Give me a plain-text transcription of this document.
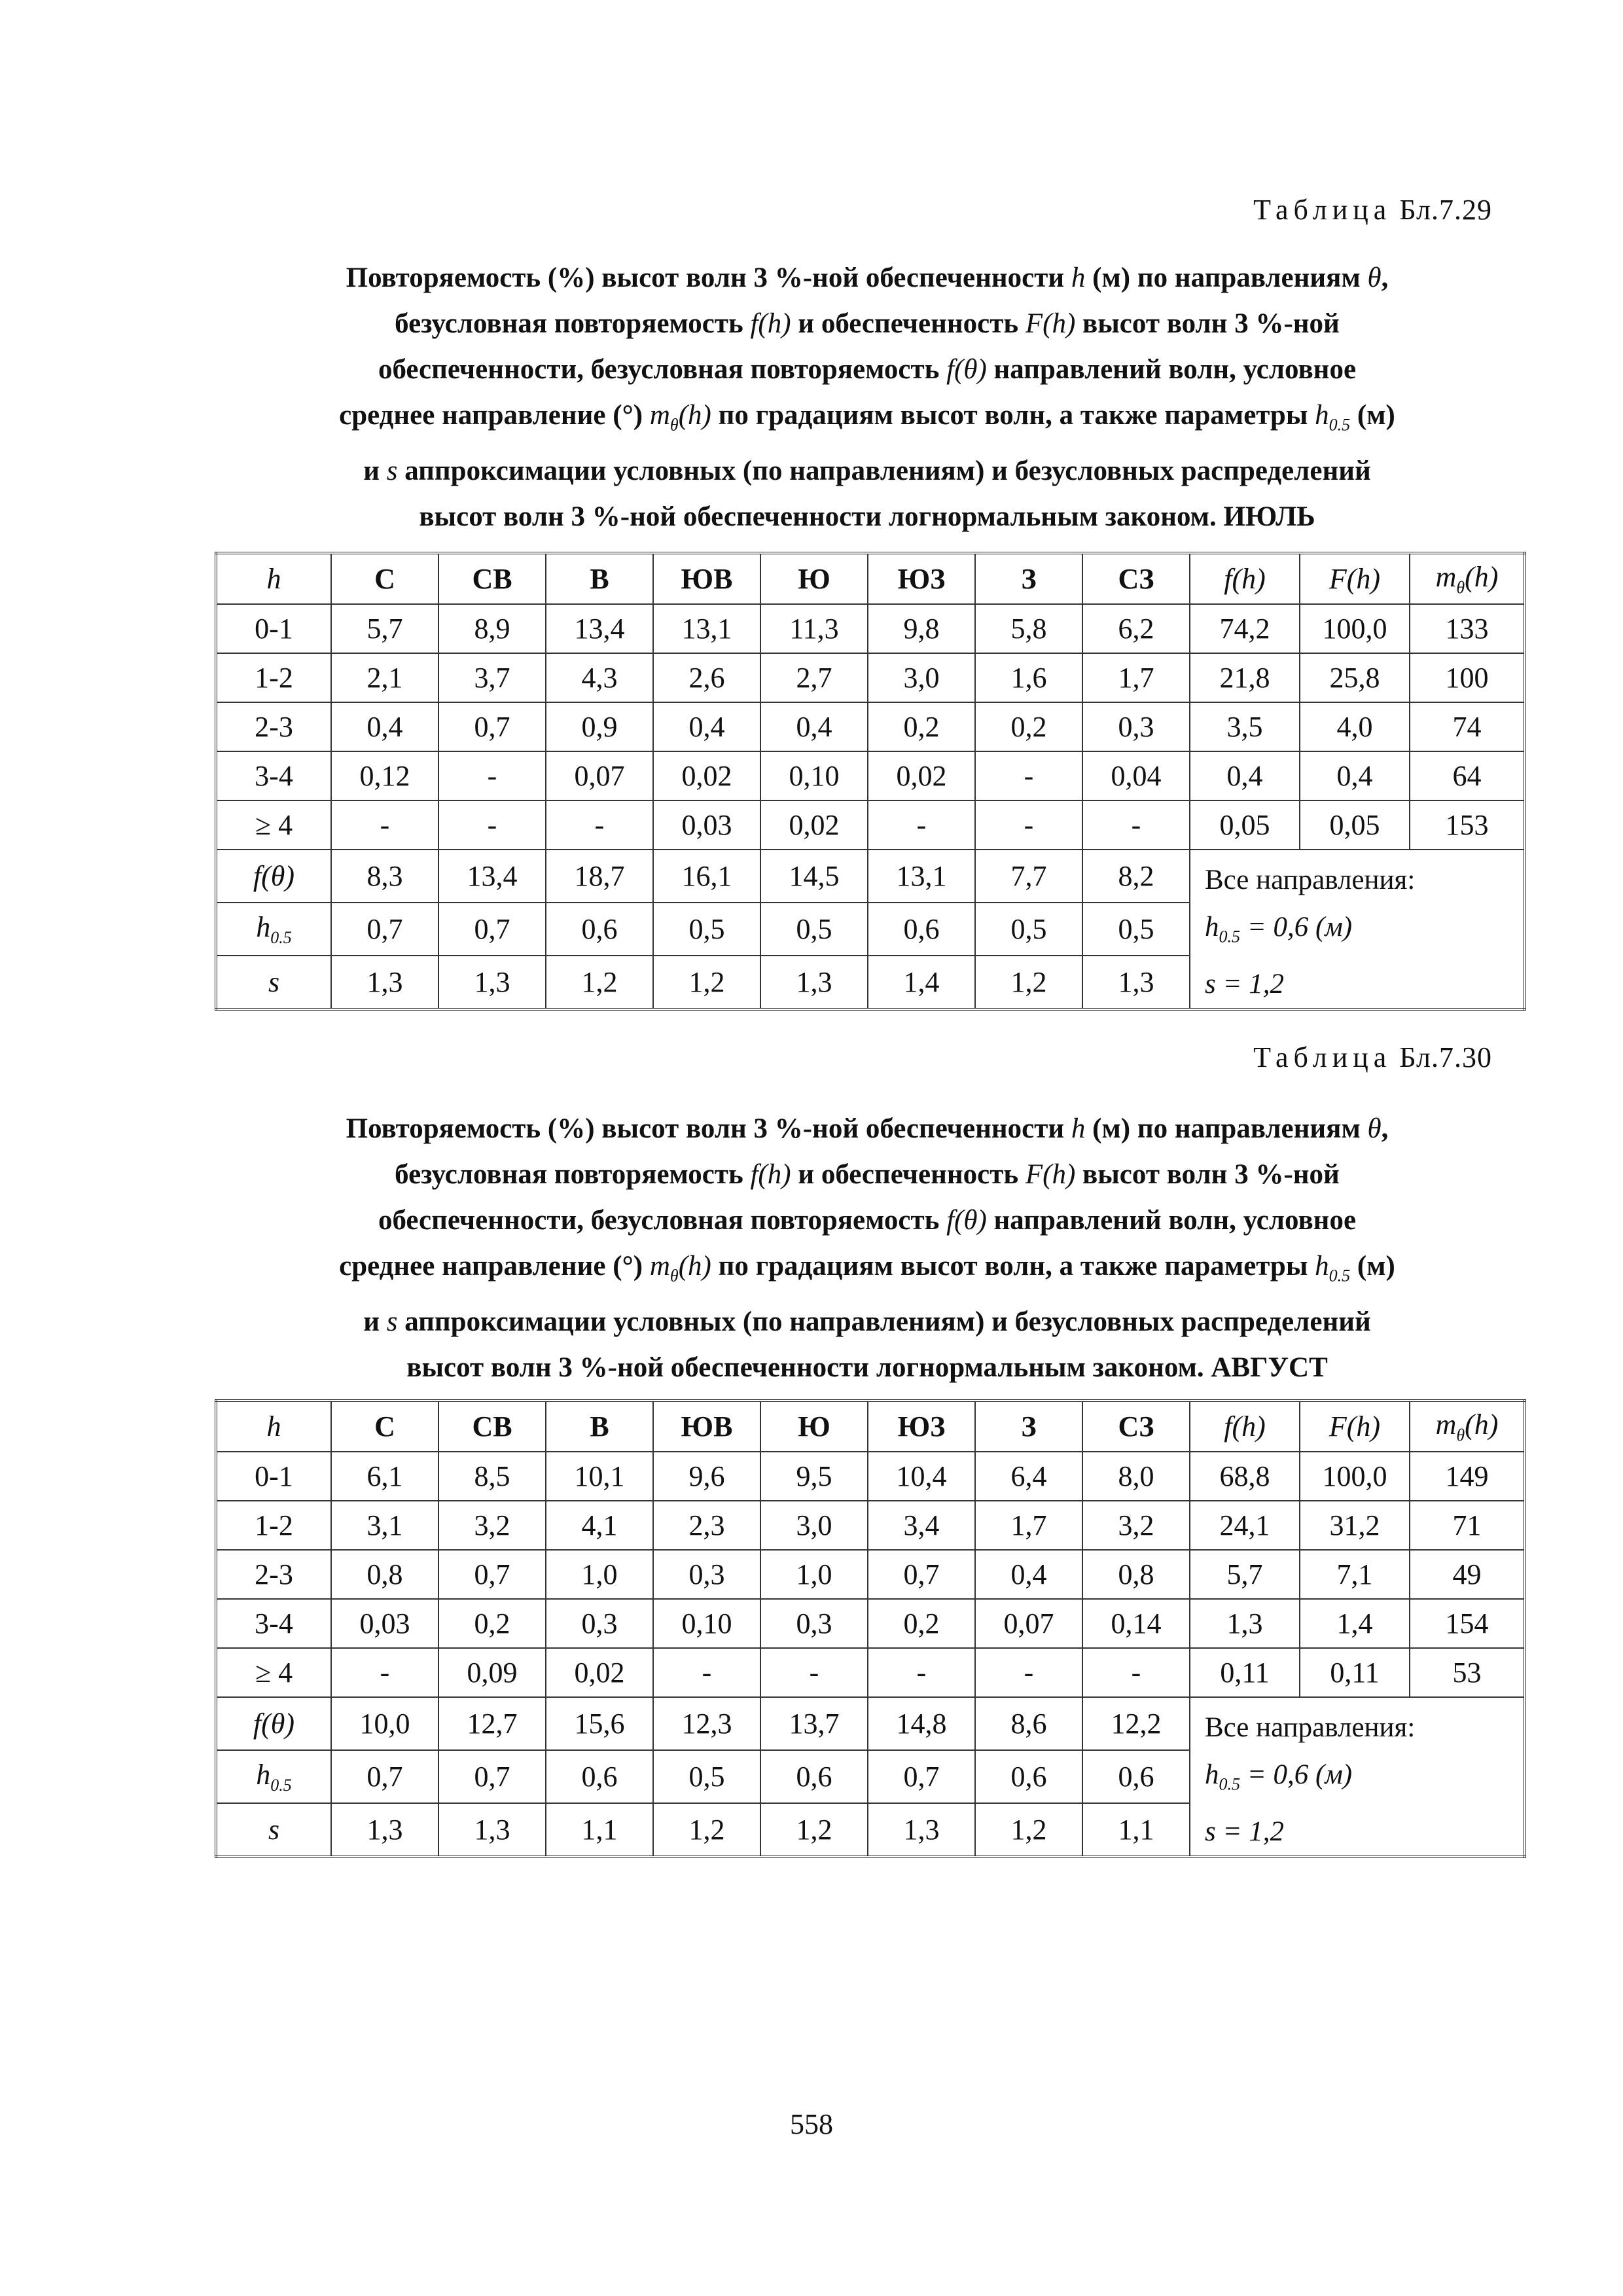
Таблица Бл.7.29
Повторяемость (%) высот волн 3 %-ной обеспеченности h (м) по направлениям θ,
безусловная повторяемость f(h) и обеспеченность F(h) высот волн 3 %-ной
обеспеченности, безусловная повторяемость f(θ) направлений волн, условное
среднее направление (°) $m_\theta(h)$ по градациям высот волн, а также параметры $h_{0.5}$ (м)
и s аппроксимации условных (по направлениям) и безусловных распределений
высот волн 3 %-ной обеспеченности логнормальным законом. ИЮЛЬ
h	С	СВ	В	ЮВ	Ю	ЮЗ	З	СЗ	f(h)	F(h)	$m_\theta(h)$
0-1	5,7	8,9	13,4	13,1	11,3	9,8	5,8	6,2	74,2	100,0	133
1-2	2,1	3,7	4,3	2,6	2,7	3,0	1,6	1,7	21,8	25,8	100
2-3	0,4	0,7	0,9	0,4	0,4	0,2	0,2	0,3	3,5	4,0	74
3-4	0,12	-	0,07	0,02	0,10	0,02	-	0,04	0,4	0,4	64
≥ 4	-	-	-	0,03	0,02	-	-	-	0,05	0,05	153
f(θ)	8,3	13,4	18,7	16,1	14,5	13,1	7,7	8,2	Все направления:
$h_{0.5} = 0,6$ (м)
s = 1,2		

$h_{0.5}$	0,7	0,7	0,6	0,5	0,5	0,6	0,5	0,5			
s	1,3	1,3	1,2	1,2	1,3	1,4	1,2	1,3			
Таблица Бл.7.30
Повторяемость (%) высот волн 3 %-ной обеспеченности h (м) по направлениям θ,
безусловная повторяемость f(h) и обеспеченность F(h) высот волн 3 %-ной
обеспеченности, безусловная повторяемость f(θ) направлений волн, условное
среднее направление (°) $m_\theta(h)$ по градациям высот волн, а также параметры $h_{0.5}$ (м)
и s аппроксимации условных (по направлениям) и безусловных распределений
высот волн 3 %-ной обеспеченности логнормальным законом. АВГУСТ
h	С	СВ	В	ЮВ	Ю	ЮЗ	З	СЗ	f(h)	F(h)	$m_\theta(h)$
0-1	6,1	8,5	10,1	9,6	9,5	10,4	6,4	8,0	68,8	100,0	149
1-2	3,1	3,2	4,1	2,3	3,0	3,4	1,7	3,2	24,1	31,2	71
2-3	0,8	0,7	1,0	0,3	1,0	0,7	0,4	0,8	5,7	7,1	49
3-4	0,03	0,2	0,3	0,10	0,3	0,2	0,07	0,14	1,3	1,4	154
≥ 4	-	0,09	0,02	-	-	-	-	-	0,11	0,11	53
f(θ)	10,0	12,7	15,6	12,3	13,7	14,8	8,6	12,2	Все направления:
$h_{0.5} = 0,6$ (м)
s = 1,2		

$h_{0.5}$	0,7	0,7	0,6	0,5	0,6	0,7	0,6	0,6			
s	1,3	1,3	1,1	1,2	1,2	1,3	1,2	1,1			
558
